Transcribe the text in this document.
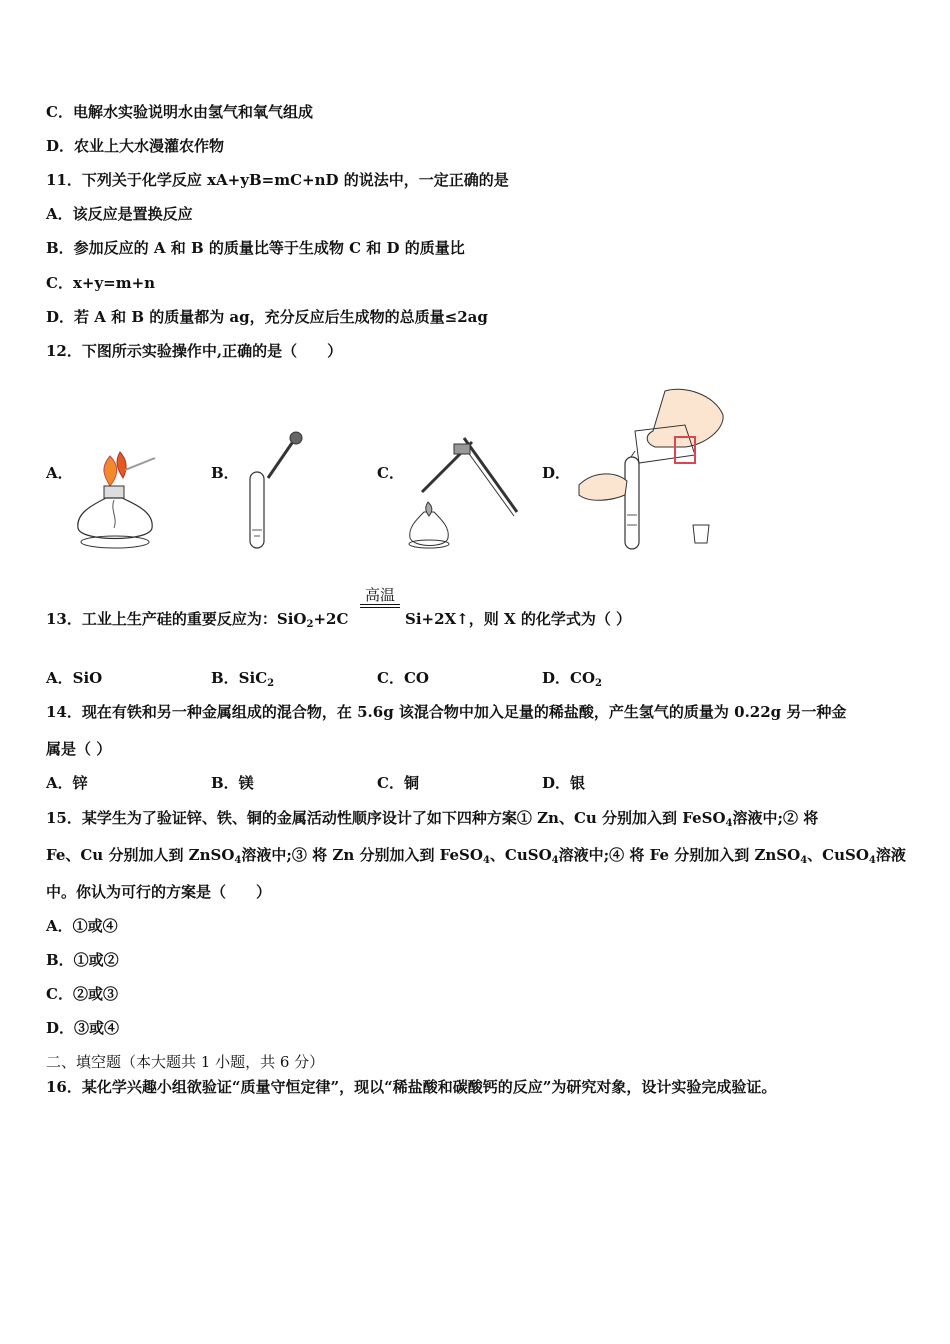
C．电解水实验说明水由氢气和氧气组成
D．农业上大水漫灌农作物
11．下列关于化学反应 xA+yB=mC+nD 的说法中，一定正确的是
A．该反应是置换反应
B．参加反应的 A 和 B 的质量比等于生成物 C 和 D 的质量比
C．x+y=m+n
D．若 A 和 B 的质量都为 ag，充分反应后生成物的总质量≤2ag
12．下图所示实验操作中,正确的是（　　）
A．	B．	C．	D．
13．工业上生产硅的重要反应为：SiO$_2$+2C
高温
Si+2X↑，则 X 的化学式为（ ）
A．SiO	B．SiC$_2$	C．CO	D．$CO_2$
14．现在有铁和另一种金属组成的混合物，在 5.6g 该混合物中加入足量的稀盐酸，产生氢气的质量为 0.22g 另一种金
属是（ ）
A．锌	B．镁	C．铜	D．银
15．某学生为了验证锌、铁、铜的金属活动性顺序设计了如下四种方案① Zn、Cu 分别加入到 FeSO$_4$溶液中;② 将
Fe、Cu 分别加人到 ZnSO$_4$溶液中;③ 将 Zn 分别加入到 FeSO$_4$、CuSO$_4$溶液中;④ 将 Fe 分别加入到 ZnSO$_4$、CuSO$_4$溶液
中。你认为可行的方案是（　　）
A．①或④
B．①或②
C．②或③
D．③或④
二、填空题（本大题共 1 小题，共 6 分）
16．某化学兴趣小组欲验证“质量守恒定律”，现以“稀盐酸和碳酸钙的反应”为研究对象，设计实验完成验证。
